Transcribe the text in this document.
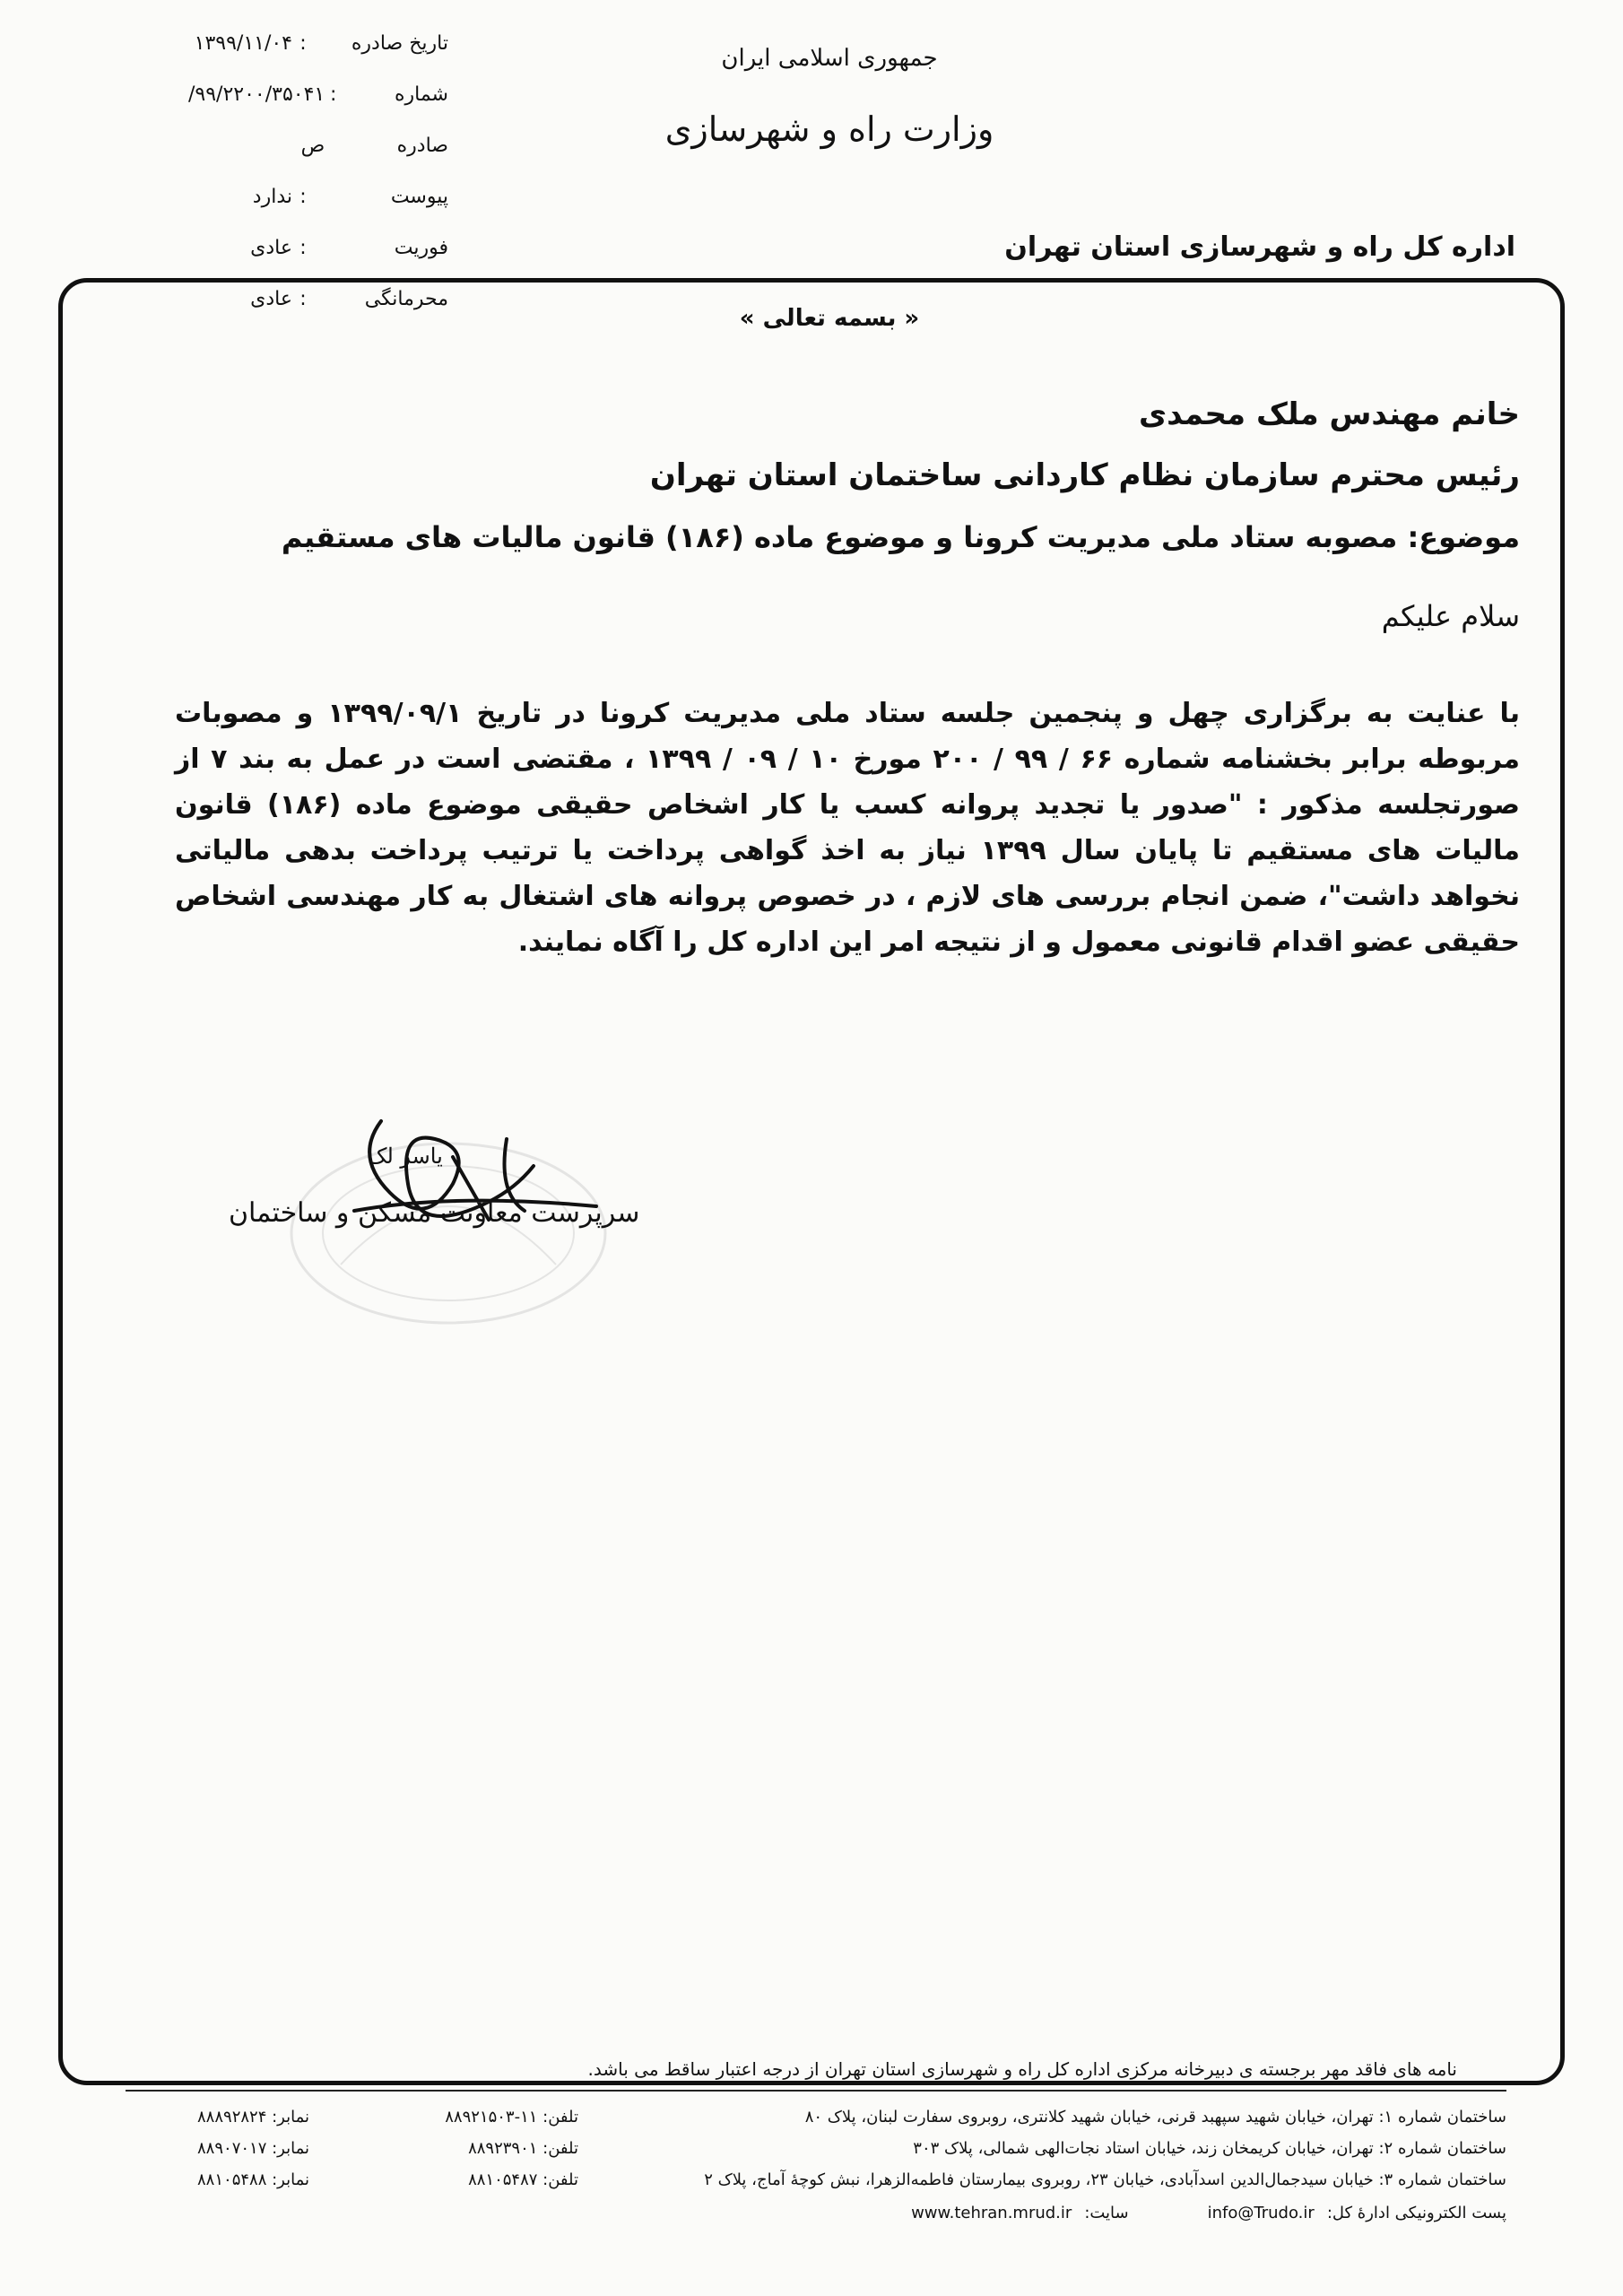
تاریخ صادره
:
۱۳۹۹/۱۱/۰۴
شماره صادره
:
۹۹/۲۲۰۰/۳۵۰۴۱/ص
پیوست
:
ندارد
فوریت
:
عادی
محرمانگی
:
عادی
جمهوری اسلامی ایران
وزارت راه و شهرسازی
اداره کل راه و شهرسازی استان تهران
« بسمه تعالی »
خانم مهندس ملک محمدی
رئیس محترم سازمان نظام کاردانی ساختمان استان تهران
موضوع: مصوبه ستاد ملی مدیریت کرونا و موضوع ماده (۱۸۶) قانون مالیات های مستقیم
سلام علیکم
با عنایت به برگزاری چهل و پنجمین جلسه ستاد ملی مدیریت کرونا در تاریخ ۱۳۹۹/۰۹/۱ و مصوبات مربوطه برابر بخشنامه شماره ۶۶ / ۹۹ / ۲۰۰ مورخ ۱۰ / ۰۹ / ۱۳۹۹ ، مقتضی است در عمل به بند ۷ از صورتجلسه مذکور : "صدور یا تجدید پروانه کسب یا کار اشخاص حقیقی موضوع ماده (۱۸۶) قانون مالیات های مستقیم تا پایان سال ۱۳۹۹ نیاز به اخذ گواهی پرداخت یا ترتیب پرداخت بدهی مالیاتی نخواهد داشت"، ضمن انجام بررسی های لازم ، در خصوص پروانه های اشتغال به کار مهندسی اشخاص حقیقی عضو اقدام قانونی معمول و از نتیجه امر این اداره کل را آگاه نمایند.
یاسر لک
سرپرست معاونت مسکن و ساختمان
نامه های فاقد مهر برجسته ی دبیرخانه مرکزی اداره کل راه و شهرسازی استان تهران از درجه اعتبار ساقط می باشد.
ساختمان شماره ۱: تهران، خیابان شهید سپهبد قرنی، خیابان شهید کلانتری، روبروی سفارت لبنان، پلاک ۸۰
تلفن: ۱۱-۸۸۹۲۱۵۰۳
نمابر: ۸۸۸۹۲۸۲۴
ساختمان شماره ۲: تهران، خیابان کریمخان زند، خیابان استاد نجات‌الهی شمالی، پلاک ۳۰۳
تلفن: ۸۸۹۲۳۹۰۱
نمابر: ۸۸۹۰۷۰۱۷
ساختمان شماره ۳: خیابان سیدجمال‌الدین اسدآبادی، خیابان ۲۳، روبروی بیمارستان فاطمه‌الزهرا، نبش کوچهٔ آماج، پلاک ۲
تلفن: ۸۸۱۰۵۴۸۷
نمابر: ۸۸۱۰۵۴۸۸
پست الکترونیکی ادارهٔ کل:
info@Trudo.ir
سایت:
www.tehran.mrud.ir
